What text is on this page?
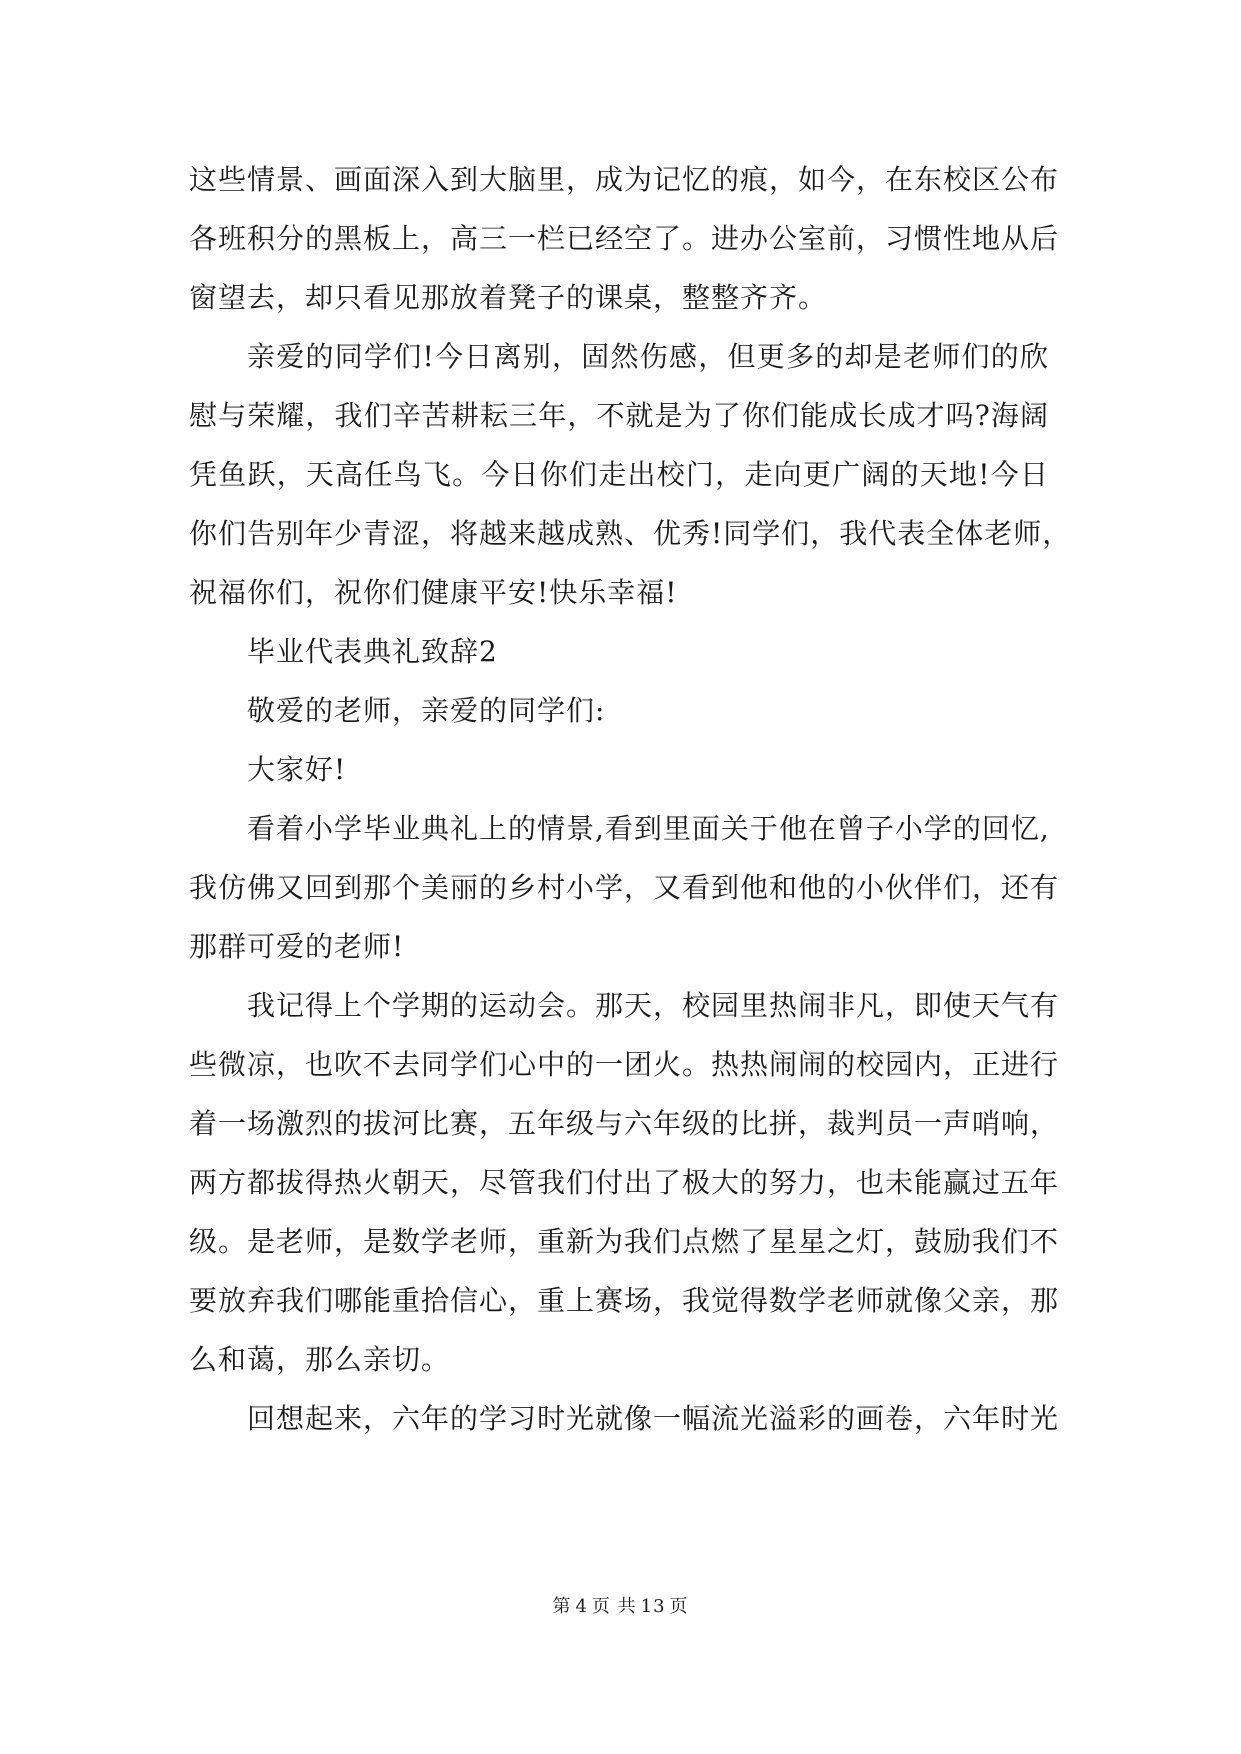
这些情景、画面深入到大脑里，成为记忆的痕，如今，在东校区公布
各班积分的黑板上，高三一栏已经空了。进办公室前，习惯性地从后
窗望去，却只看见那放着凳子的课桌，整整齐齐。
亲爱的同学们!今日离别，固然伤感，但更多的却是老师们的欣
慰与荣耀，我们辛苦耕耘三年，不就是为了你们能成长成才吗?海阔
凭鱼跃，天高任鸟飞。今日你们走出校门，走向更广阔的天地!今日
你们告别年少青涩，将越来越成熟、优秀!同学们，我代表全体老师，
祝福你们，祝你们健康平安!快乐幸福!
毕业代表典礼致辞2
敬爱的老师，亲爱的同学们:
大家好!
看着小学毕业典礼上的情景,看到里面关于他在曾子小学的回忆,
我仿佛又回到那个美丽的乡村小学，又看到他和他的小伙伴们，还有
那群可爱的老师!
我记得上个学期的运动会。那天，校园里热闹非凡，即使天气有
些微凉，也吹不去同学们心中的一团火。热热闹闹的校园内，正进行
着一场激烈的拔河比赛，五年级与六年级的比拼，裁判员一声哨响，
两方都拔得热火朝天，尽管我们付出了极大的努力，也未能赢过五年
级。是老师，是数学老师，重新为我们点燃了星星之灯，鼓励我们不
要放弃我们哪能重拾信心，重上赛场，我觉得数学老师就像父亲，那
么和蔼，那么亲切。
回想起来，六年的学习时光就像一幅流光溢彩的画卷，六年时光
第 4 页 共 13 页
